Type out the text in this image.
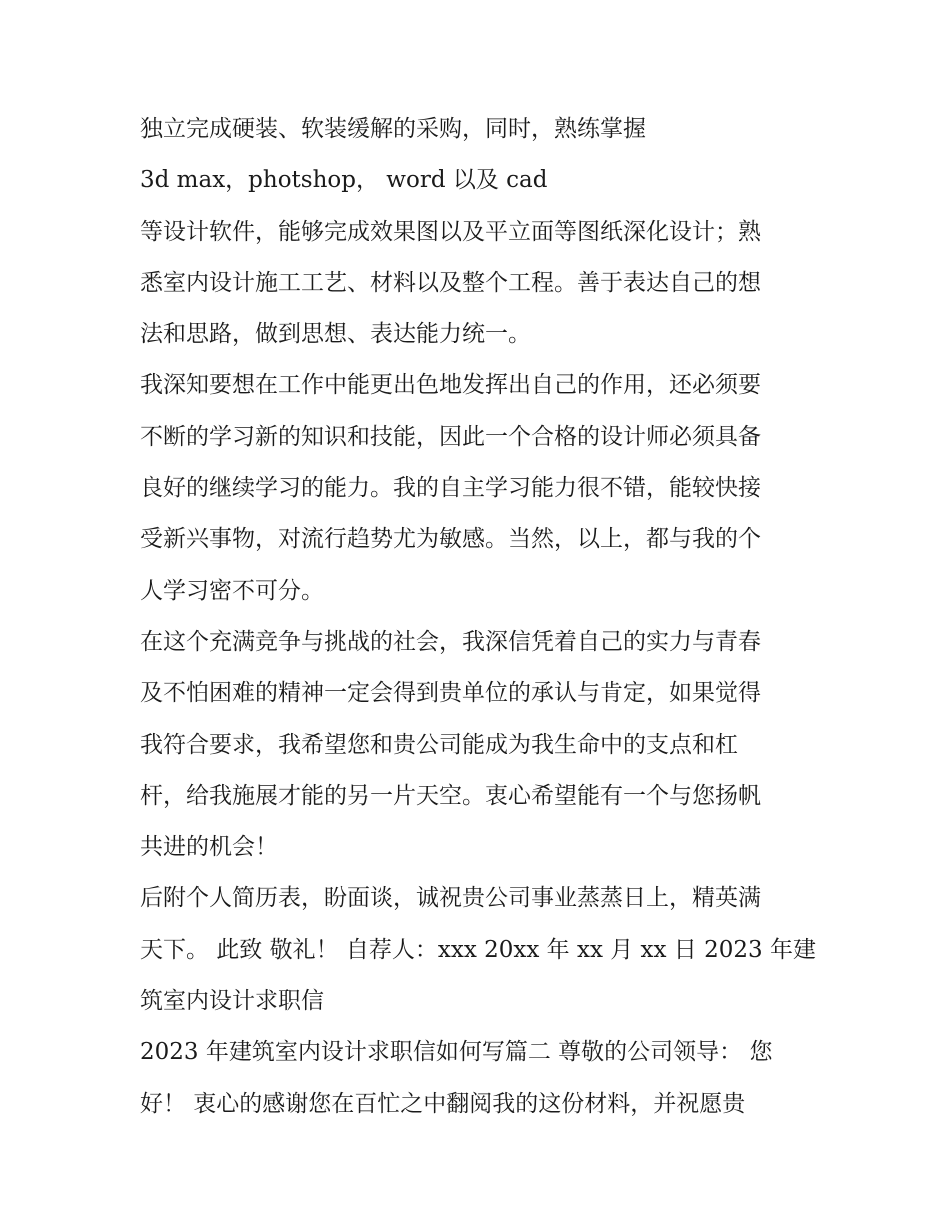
独立完成硬装、软装缓解的采购，同时，熟练掌握
3d max，photshop， word 以及 cad
等设计软件，能够完成效果图以及平立面等图纸深化设计；熟
悉室内设计施工工艺、材料以及整个工程。善于表达自己的想
法和思路，做到思想、表达能力统一。
我深知要想在工作中能更出色地发挥出自己的作用，还必须要
不断的学习新的知识和技能，因此一个合格的设计师必须具备
良好的继续学习的能力。我的自主学习能力很不错，能较快接
受新兴事物，对流行趋势尤为敏感。当然，以上，都与我的个
人学习密不可分。
在这个充满竞争与挑战的社会，我深信凭着自己的实力与青春
及不怕困难的精神一定会得到贵单位的承认与肯定，如果觉得
我符合要求，我希望您和贵公司能成为我生命中的支点和杠
杆，给我施展才能的另一片天空。衷心希望能有一个与您扬帆
共进的机会！
后附个人简历表，盼面谈，诚祝贵公司事业蒸蒸日上，精英满
天下。 此致 敬礼！ 自荐人：xxx 20xx 年 xx 月 xx 日 2023 年建
筑室内设计求职信
2023 年建筑室内设计求职信如何写篇二 尊敬的公司领导： 您
好！ 衷心的感谢您在百忙之中翻阅我的这份材料，并祝愿贵
